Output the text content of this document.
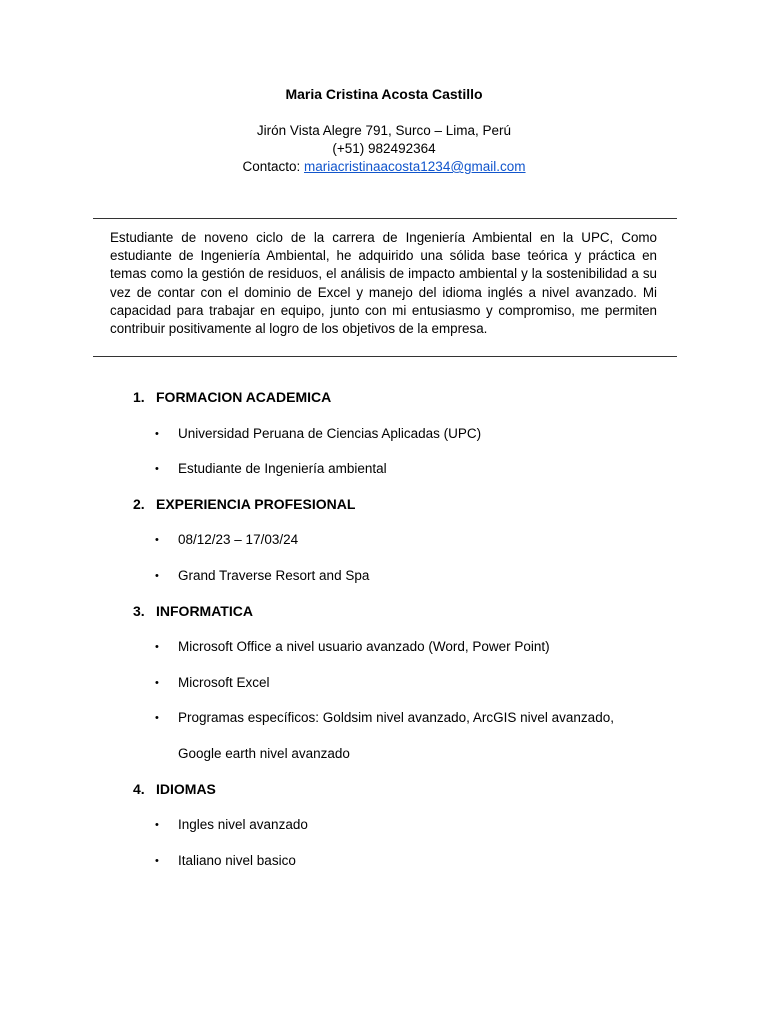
Maria Cristina Acosta Castillo
Jirón Vista Alegre 791, Surco – Lima, Perú
(+51) 982492364
Contacto: mariacristinaacosta1234@gmail.com
Estudiante de noveno ciclo de la carrera de Ingeniería Ambiental en la UPC, Como estudiante de Ingeniería Ambiental, he adquirido una sólida base teórica y práctica en temas como la gestión de residuos, el análisis de impacto ambiental y la sostenibilidad a su vez de contar con el dominio de Excel y manejo del idioma inglés a nivel avanzado. Mi capacidad para trabajar en equipo, junto con mi entusiasmo y compromiso, me permiten contribuir positivamente al logro de los objetivos de la empresa.
1. FORMACION ACADEMICA
• Universidad Peruana de Ciencias Aplicadas (UPC)
• Estudiante de Ingeniería ambiental
2. EXPERIENCIA PROFESIONAL
• 08/12/23 – 17/03/24
• Grand Traverse Resort and Spa
3. INFORMATICA
• Microsoft Office a nivel usuario avanzado (Word, Power Point)
• Microsoft Excel
• Programas específicos: Goldsim nivel avanzado, ArcGIS nivel avanzado,
Google earth nivel avanzado
4. IDIOMAS
• Ingles nivel avanzado
• Italiano nivel basico
